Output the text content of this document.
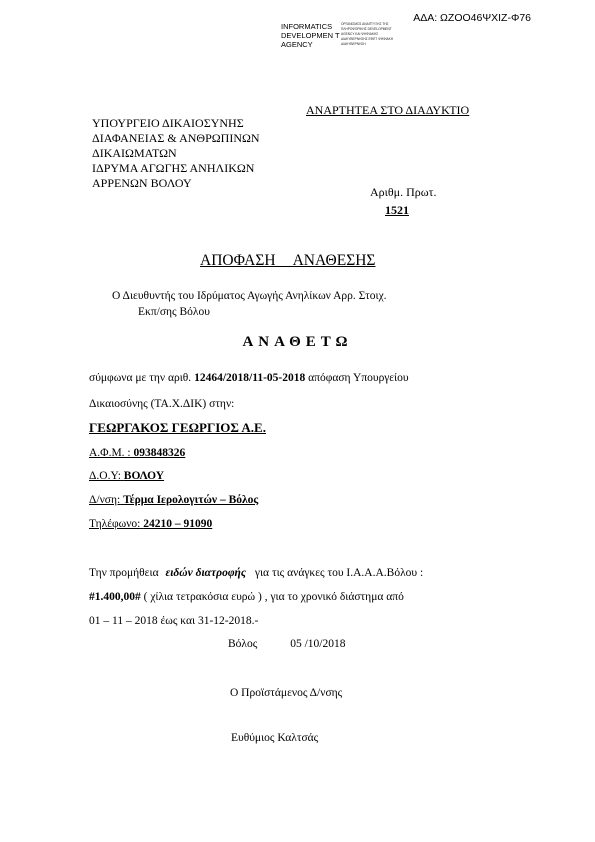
ΑΔΑ: ΩΖΟΟ46ΨΧΙΖ-Φ76
INFORMATICS DEVELOPMEN T AGENCY
ΟΡΓΑΝΙΣΜΟΣ ΑΝΑΠΤΥΞΗΣ ΤΗΣ ΠΛΗΡΟΦΟΡΙΚΗΣ DEVELOPMENT AGENCY ΚΑΙ ΨΗΦΙΑΚΗΣ ΔΙΑΚΥΒΕΡΝΗΣΗΣ ΕΦΕΤ ΨΗΦΙΑΚΗ ΔΙΑΚΥΒΕΡΝΗΣΗ
ΑΝΑΡΤΗΤΕΑ ΣΤΟ ΔΙΑΔΥΚΤΙΟ
ΥΠΟΥΡΓΕΙΟ ΔΙΚΑΙΟΣΥΝΗΣ
ΔΙΑΦΑΝΕΙΑΣ & ΑΝΘΡΩΠΙΝΩΝ
ΔΙΚΑΙΩΜΑΤΩΝ
ΙΔΡΥΜΑ ΑΓΩΓΗΣ ΑΝΗΛΙΚΩΝ
ΑΡΡΕΝΩΝ ΒΟΛΟΥ
Αριθμ. Πρωτ.
1521
ΑΠΟΦΑΣΗ ΑΝΑΘΕΣΗΣ
Ο Διευθυντής του Ιδρύματος Αγωγής Ανηλίκων Αρρ. Στοιχ.
Εκπ/σης Βόλου
ΑΝΑΘΕΤΩ
σύμφωνα με την αριθ. 12464/2018/11-05-2018 απόφαση Υπουργείου
Δικαιοσύνης (ΤΑ.Χ.ΔΙΚ) στην:
ΓΕΩΡΓΑΚΟΣ ΓΕΩΡΓΙΟΣ Α.Ε.
Α.Φ.Μ. : 093848326
Δ.Ο.Υ: ΒΟΛΟΥ
Δ/νση: Τέρμα Ιερολογιτών – Βόλος
Τηλέφωνο: 24210 – 91090
Την προμήθεια ειδών διατροφής για τις ανάγκες του Ι.Α.Α.Α.Βόλου :
#1.400,00# ( χίλια τετρακόσια ευρώ ) , για το χρονικό διάστημα από
01 – 11 – 2018 έως και 31-12-2018.-
Βόλος	05 /10/2018
Ο Προϊστάμενος Δ/νσης
Ευθύμιος Καλτσάς
